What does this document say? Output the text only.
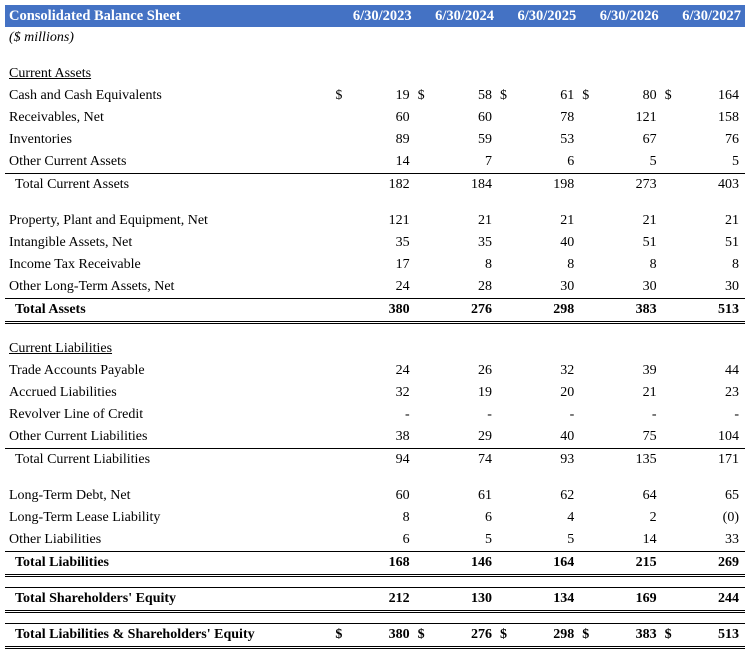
Consolidated Balance Sheet	6/30/2023		6/30/2024		6/30/2025		6/30/2026		6/30/2027	
($ millions)										

Current Assets										
Cash and Cash Equivalents	$	19	$	58	$	61	$	80	$	164
Receivables, Net		60		60		78		121		158
Inventories		89		59		53		67		76
Other Current Assets		14		7		6		5		5
Total Current Assets		182		184		198		273		403

Property, Plant and Equipment, Net		121		21		21		21		21
Intangible Assets, Net		35		35		40		51		51
Income Tax Receivable		17		8		8		8		8
Other Long-Term Assets, Net		24		28		30		30		30
Total Assets		380		276		298		383		513

Current Liabilities										
Trade Accounts Payable		24		26		32		39		44
Accrued Liabilities		32		19		20		21		23
Revolver Line of Credit		-		-		-		-		-
Other Current Liabilities		38		29		40		75		104
Total Current Liabilities		94		74		93		135		171

Long-Term Debt, Net		60		61		62		64		65
Long-Term Lease Liability		8		6		4		2		(0)
Other Liabilities		6		5		5		14		33
Total Liabilities		168		146		164		215		269

Total Shareholders' Equity		212		130		134		169		244

Total Liabilities & Shareholders' Equity	$	380	$	276	$	298	$	383	$	513
